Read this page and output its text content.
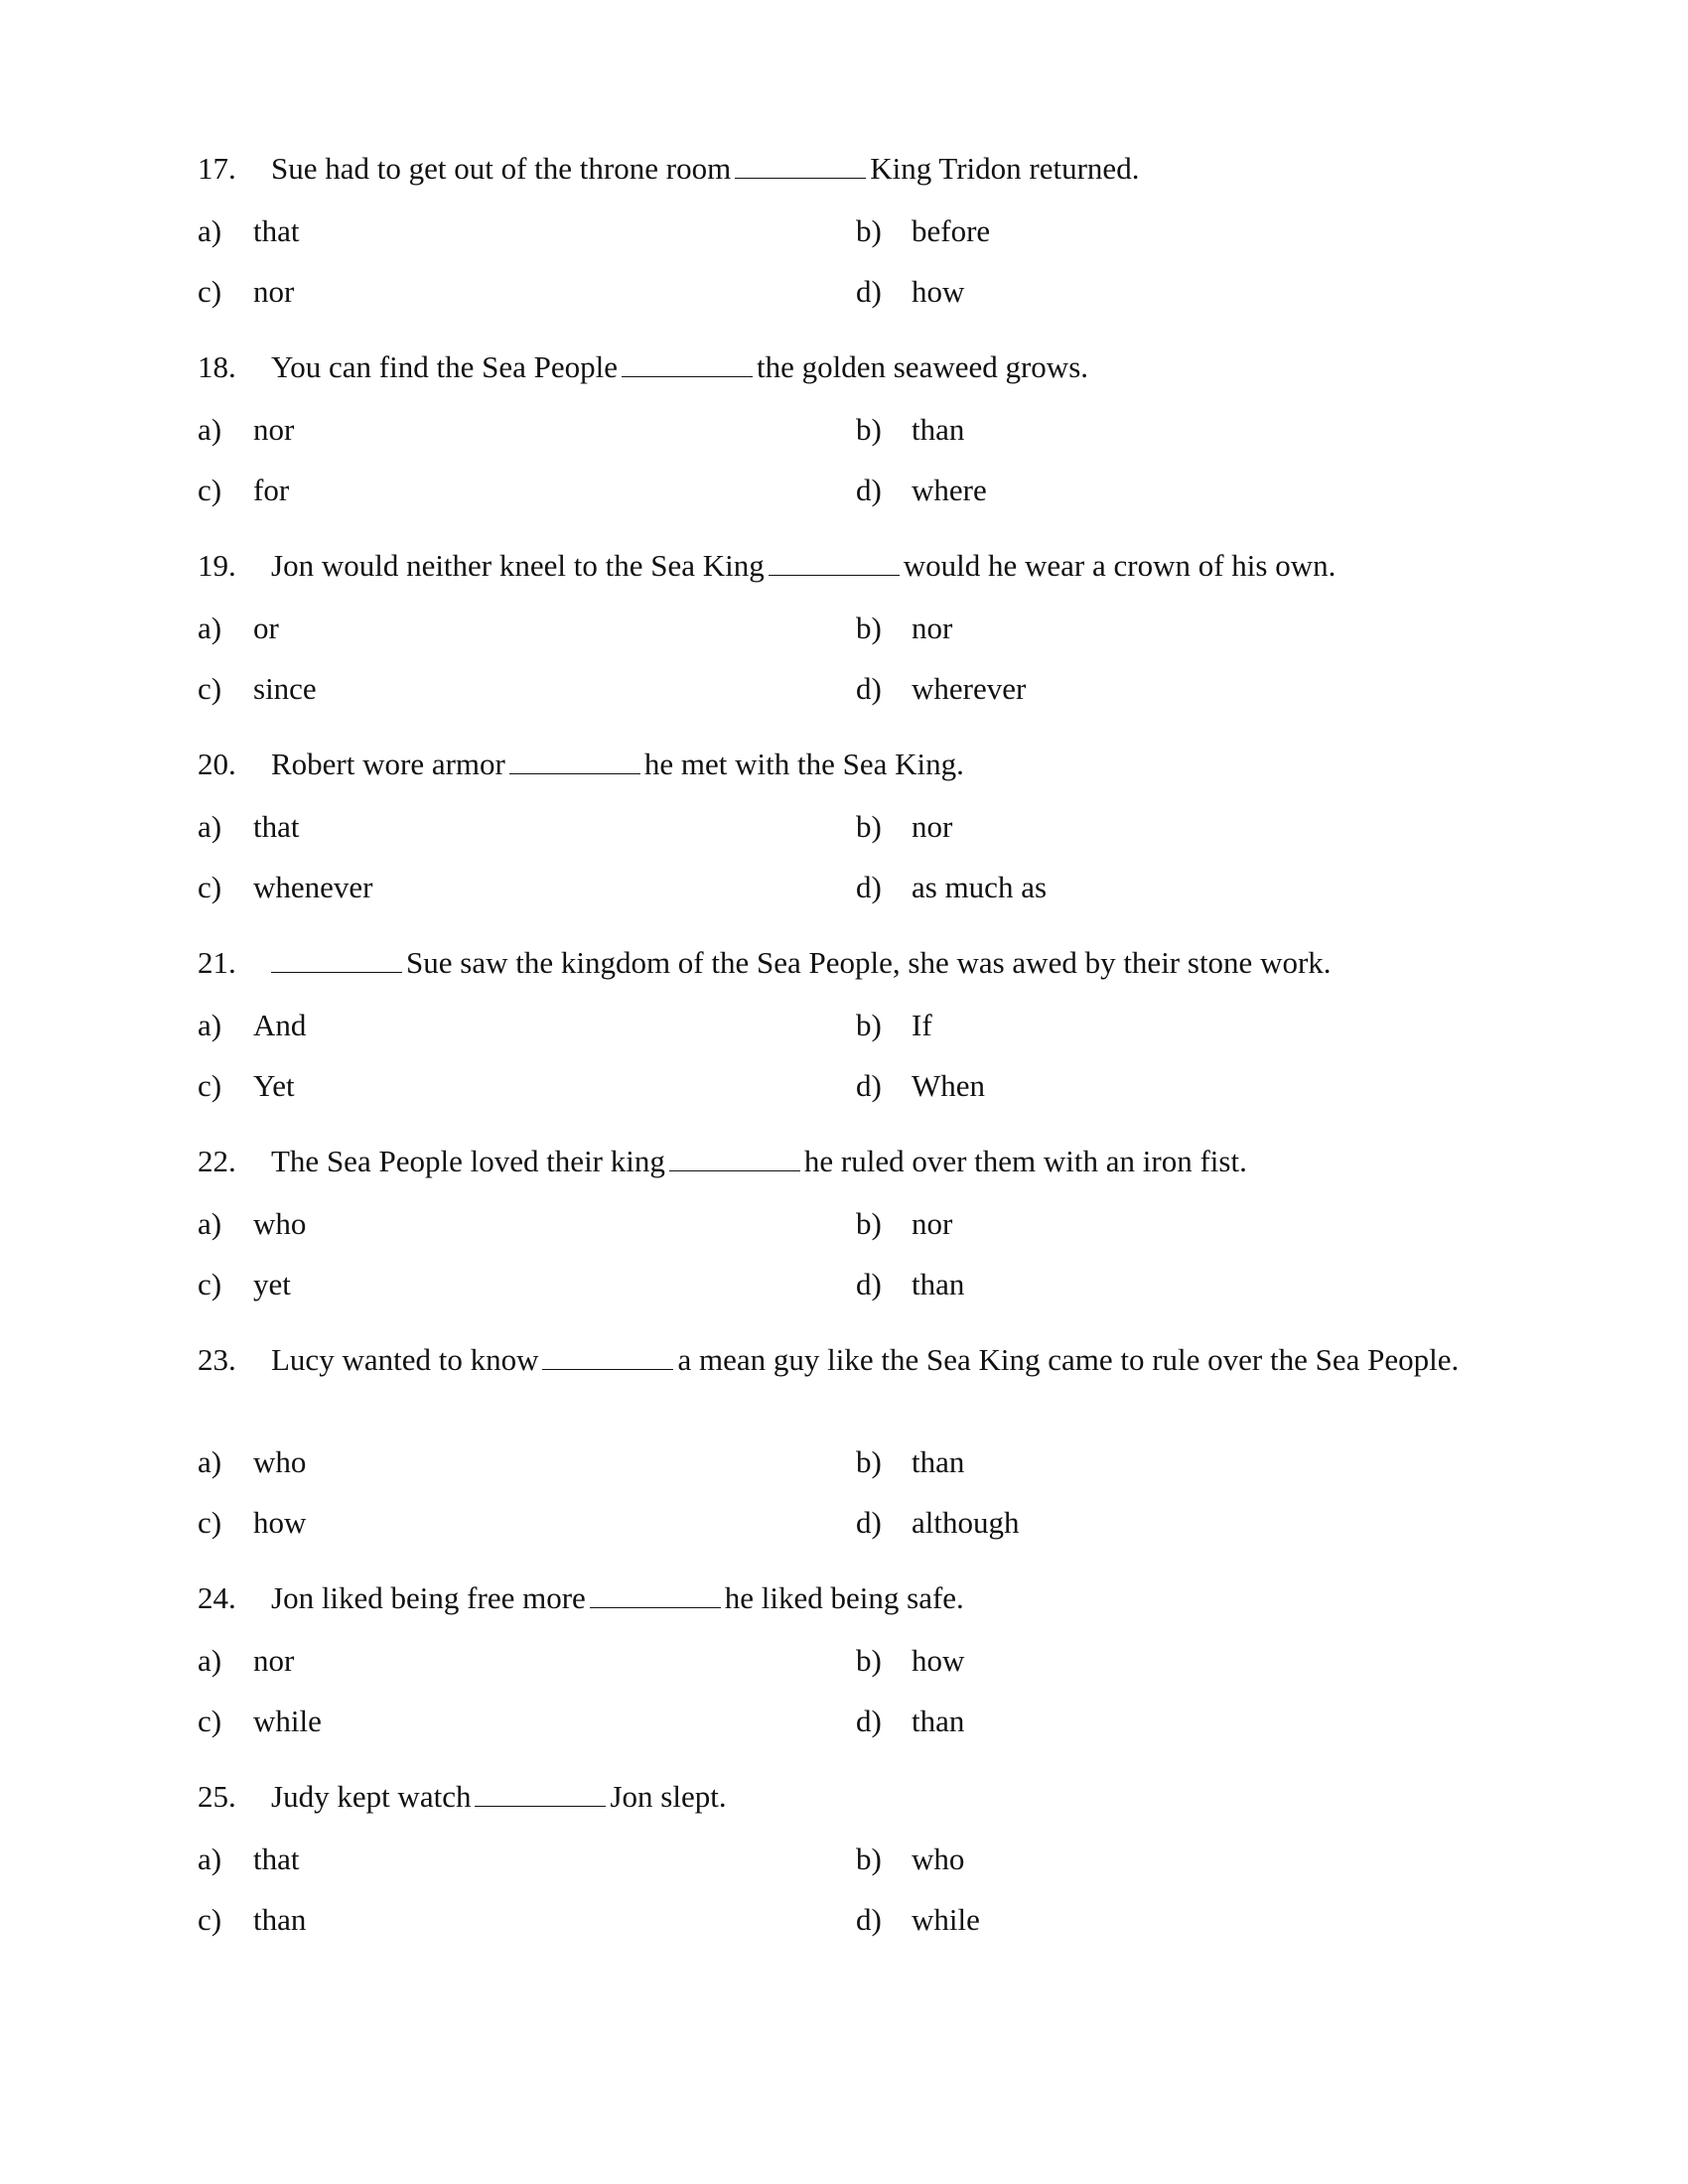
17. Sue had to get out of the throne room	King Tridon returned.
a) that	b) before
c) nor	d) how
18. You can find the Sea People	the golden seaweed grows.
a) nor	b) than
c) for	d) where
19. Jon would neither kneel to the Sea King	would he wear a crown of his own.
a) or	b) nor
c) since	d) wherever
20. Robert wore armor	he met with the Sea King.
a) that	b) nor
c) whenever	d) as much as
21.	Sue saw the kingdom of the Sea People, she was awed by their stone work.
a) And	b) If
c) Yet	d) When
22. The Sea People loved their king	he ruled over them with an iron fist.
a) who	b) nor
c) yet	d) than
23. Lucy wanted to know	a mean guy like the Sea King came to rule over the Sea People.
a) who	b) than
c) how	d) although
24. Jon liked being free more	he liked being safe.
a) nor	b) how
c) while	d) than
25. Judy kept watch	Jon slept.
a) that	b) who
c) than	d) while
